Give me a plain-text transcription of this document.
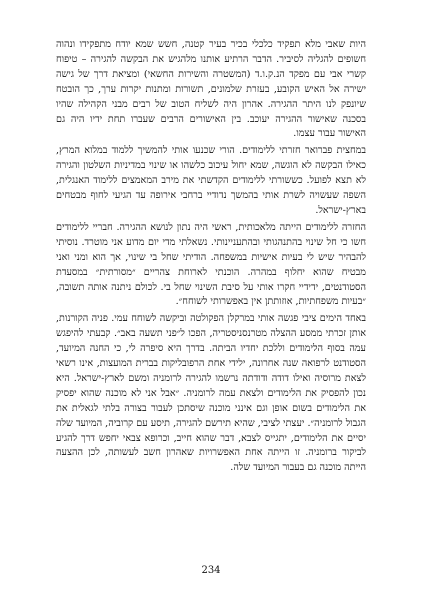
היות שאבי מלא תפקיד כלכלי בכיר בעיר קטנה, חשש שמא יודח מתפקידו ונהוה חשופים להגליה לסיביר. הדבר הרתיע אותנו מלהגיש את הבקשה להגירה – טיפוח קשרי אבי עם מפקד הנ.ק.ו.ד (המשטרה והשירות החשאי) ומציאת דרך של גישה ישירה אל האיש הקובע, בעזרת שלמונים, תשורות ומתנות יקרות ערך, כך הובטח שיונפק לנו היתר ההגירה. אהרון היה לשליח הטוב של רבים מבני הקהילה שהיו בסכנה שאישור ההגירה יעוכב. בין האישורים הרבים שעברו תחת ידיו היה גם האישור עבור עצמו.

במחצית פברואר חזרתי ללימודים. הורי שכנעו אותי להמשיך ללמוד במלוא המרץ, כאילו הבקשה לא הוגשה, שמא יחול עיכוב כלשהו או שינוי במדיניות השלטון והגירה לא תצא לפועל. כששורתי ללימודים הקדשתי את מירב המאמצים ללימוד האנגלית, השפה שעשויה לשרת אותי בהמשך נדודיי ברחבי אירופה עד הגיעי לחוף מבטחים בארץ-ישראל.

החזרה ללימודים הייתה מלאכותית, ראשי היה נתון לנושא ההגירה. חבריי ללימודים חשו כי חל שינוי בהתנהגותי ובהתעניינותי. נשאלתי מדי יום מדוע אני מוטרד. נוסיתי להבהיר שיש לי בעיות אישיות במשפחה. הודיתי שחל בי שינוי, אך הוא ומני ואני מבטיח שהוא יחלוף במהרה. הוכנתי לארוחת צהריים ״מסורתית״ במסעדת הסטודנטים, ידידיי חקרו אותי על סיבת השינוי שחל בי. לכולם ניתנה אותה תשובה, ״בעיות משפחתיות, אוזותתן אין באפשרותי לשוחח״.

באחד הימים ציבי פגשה אותי במרקלן הפקולטה וביקשה לשוחח עמי. פניה הקורנות, אותן זכרתי ממסע ההצלה מטרנסניסטריה, הפכו ל״פני תשעה באב״. קבעתי להיפגש עמה בסוף הלימודים וללכת יחדיו הביתה. בדרך היא סיפרה לי, כי החנה המיועד, הסטודנט לרפואה שנה אחרונה, ילידי אחת הרפובליקות בברית המועצות, אינו רשאי לצאת מרוסיה ואילו דודה ודודתה נרשמו להגירה לרומניה ומשם לארץ-ישראל. היא נכון להפסיק את הלימודים ולצאת עמה לרומניה. ״אבל אני לא מוכנה שהוא יפסיק את הלימודים בשום אופן וגם אינני מוכנה שיסתכן לעבור בצורה בלתי לגאלית את הגבול לרומניה״. יעצתי לציבי, שהיא תירשם להגירה, תיסע עם קרוביה, המיועד שלה יסיים את הלימודים, יתגייס לצבא, דבר שהוא חייב, וכרופא צבאי יחפש דרך להגיע לביקור ברומניה. זו הייתה אחת האפשרויות שאהרון חשב לעשותה, לכן ההצעה הייתה מוכנה גם בעבור המיועד שלה.

234
